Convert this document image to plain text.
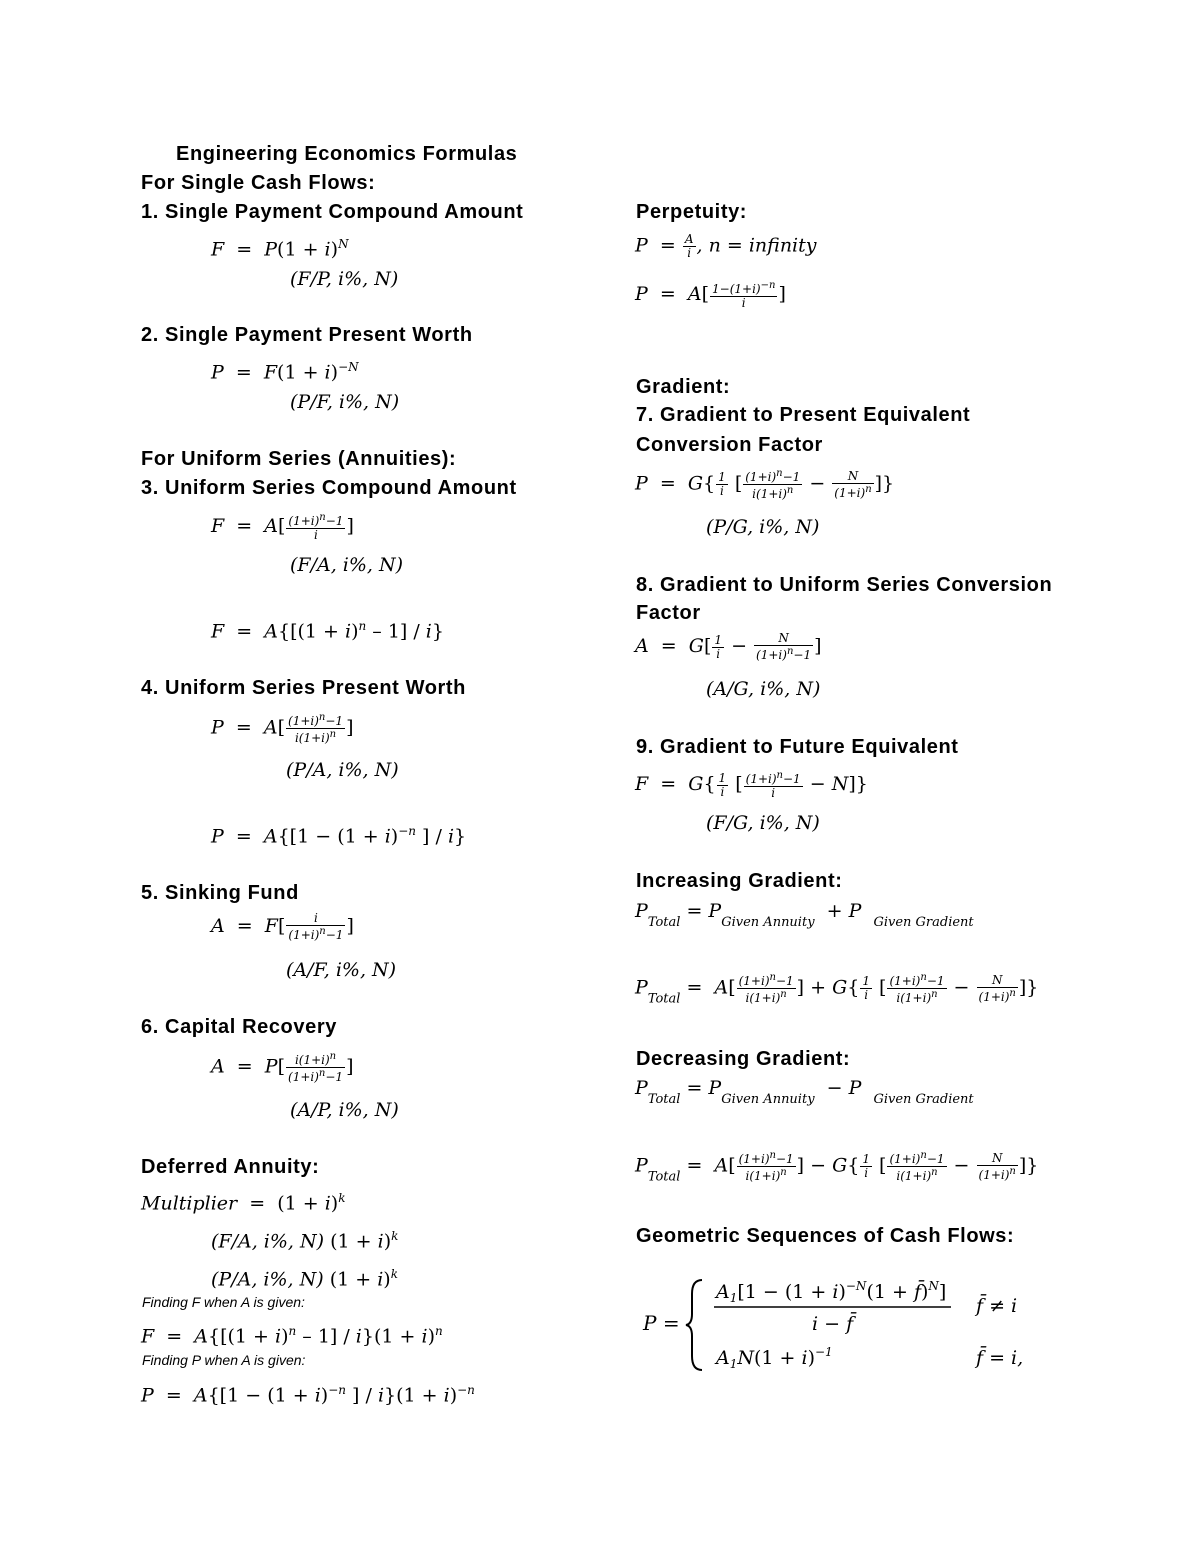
Engineering Economics Formulas
For Single Cash Flows:
1. Single Payment Compound Amount
$F = P(1 + i)^N$
(F/P, i%, N)
2. Single Payment Present Worth
$P = F(1 + i)^{-N}$
(P/F, i%, N)
For Uniform Series (Annuities):
3. Uniform Series Compound Amount
$F = A[ \frac{(1+i)^n-1}{i}$ ]
(F/A, i%, N)
$F = A\{[(1 + i)^n - 1] / i\}$
4. Uniform Series Present Worth
$P = A[ \frac{(1+i)^n-1}{i(1+i)^n}$ ]
(P/A, i%, N)
$P = A\{[1 - (1 + i)^{-n}$ ] / i}
5. Sinking Fund
$A = F[ \frac{i}{(1+i)^n-1}$ ]
(A/F, i%, N)
6. Capital Recovery
$A = P[ \frac{i(1+i)^n}{(1+i)^n-1}$ ]
(A/P, i%, N)
Deferred Annuity:
Multiplier  =  $(1 + i)^k$
(F/A, i%, N) $(1 + i)^k$
(P/A, i%, N) $(1 + i)^k$
Finding F when A is given:
$F = A\{[(1 + i)^n - 1] / i\}(1 + i)^n$
Finding P when A is given:
$P = A\{[1 - (1 + i)^{-n}$ ] / $i\}(1 + i)^{-n}$
Perpetuity:
$P = \frac{A}{i}$ , n = infinity
$P = A[ \frac{1-(1+i)^{-n}}{i}$ ]
Gradient:
7. Gradient to Present Equivalent
Conversion Factor
$P = G\{ \frac{1}{i}$ [ $\frac{(1+i)^n-1}{i(1+i)^n} - \frac{N}{(1+i)^n}$ ]}
(P/G, i%, N)
8. Gradient to Uniform Series Conversion
Factor
$A = G[ \frac{1}{i} - \frac{N}{(1+i)^n-1}$ ]
(A/G, i%, N)
9. Gradient to Future Equivalent
$F = G\{ \frac{1}{i}$ [ $\frac{(1+i)^n-1}{i} - N$]}
(F/G, i%, N)
Increasing Gradient:
$P_{Total} = P_{Given Annuity} + P$  $_{Given Gradient}$
$P_{Total} = A[ \frac{(1+i)^n-1}{i(1+i)^n}$ ] + $G\{ \frac{1}{i}$ [ $\frac{(1+i)^n-1}{i(1+i)^n} - \frac{N}{(1+i)^n}$ ]}
Decreasing Gradient:
$P_{Total} = P_{Given Annuity} - P$  $_{Given Gradient}$
$P_{Total} = A[ \frac{(1+i)^n-1}{i(1+i)^n}$ ] − $G\{ \frac{1}{i}$ [ $\frac{(1+i)^n-1}{i(1+i)^n} - \frac{N}{(1+i)^n}$ ]}
Geometric Sequences of Cash Flows:
P =
$A_1[1 - (1 + i)^{-N}(1$ + f̄)$^N$]
i − f̄
$A_1N(1 + i)^{-1}$
f̄ ≠ i
f̄ = i,
